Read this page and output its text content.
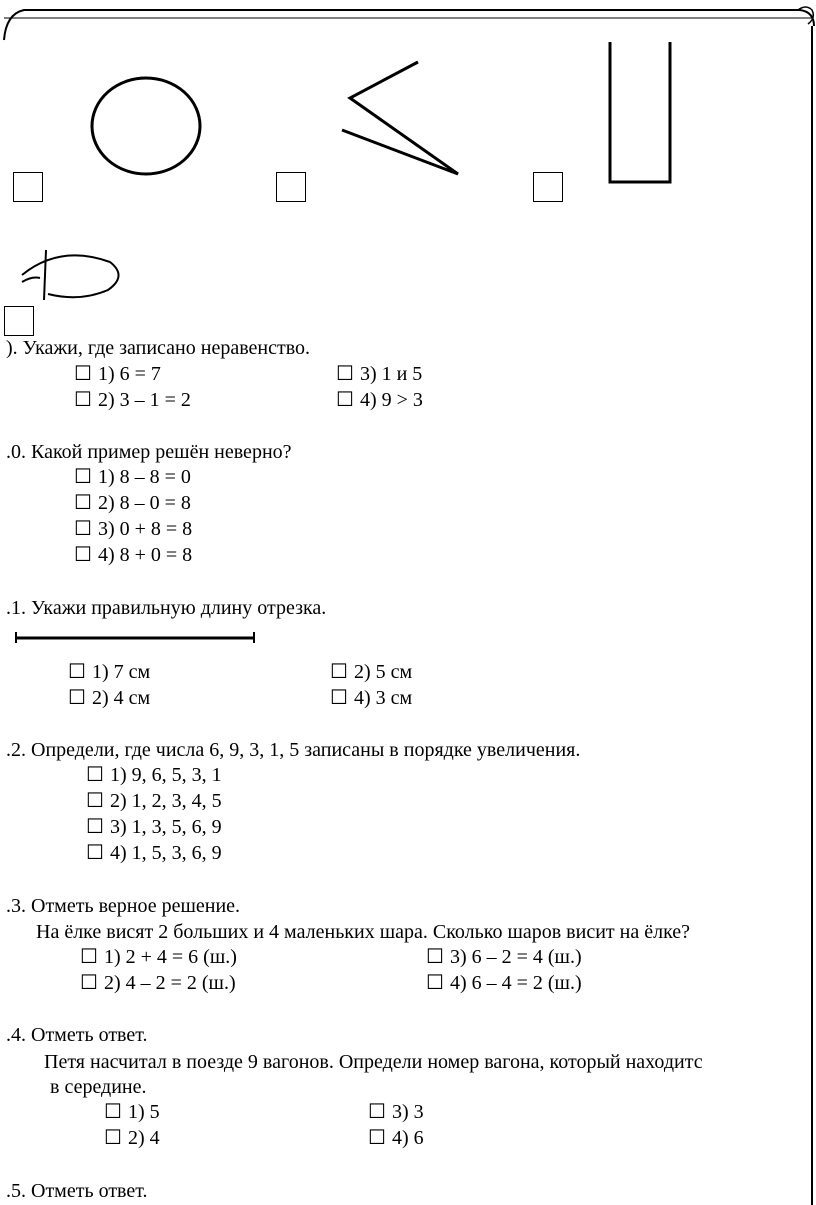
). Укажи, где записано неравенство.
☐ 1) 6 = 7	☐ 3) 1 и 5
☐ 2) 3 – 1 = 2	☐ 4) 9 > 3
.0. Какой пример решён неверно?
☐ 1) 8 – 8 = 0
☐ 2) 8 – 0 = 8
☐ 3) 0 + 8 = 8
☐ 4) 8 + 0 = 8
.1. Укажи правильную длину отрезка.
☐ 1) 7 см	☐ 2) 5 см
☐ 2) 4 см	☐ 4) 3 см
.2. Определи, где числа 6, 9, 3, 1, 5 записаны в порядке увеличения.
☐ 1) 9, 6, 5, 3, 1
☐ 2) 1, 2, 3, 4, 5
☐ 3) 1, 3, 5, 6, 9
☐ 4) 1, 5, 3, 6, 9
.3. Отметь верное решение.
На ёлке висят 2 больших и 4 маленьких шара. Сколько шаров висит на ёлке?
☐ 1) 2 + 4 = 6 (ш.)	☐ 3) 6 – 2 = 4 (ш.)
☐ 2) 4 – 2 = 2 (ш.)	☐ 4) 6 – 4 = 2 (ш.)
.4. Отметь ответ.
Петя насчитал в поезде 9 вагонов. Определи номер вагона, который находитс
в середине.
☐ 1) 5	☐ 3) 3
☐ 2) 4	☐ 4) 6
.5. Отметь ответ.
